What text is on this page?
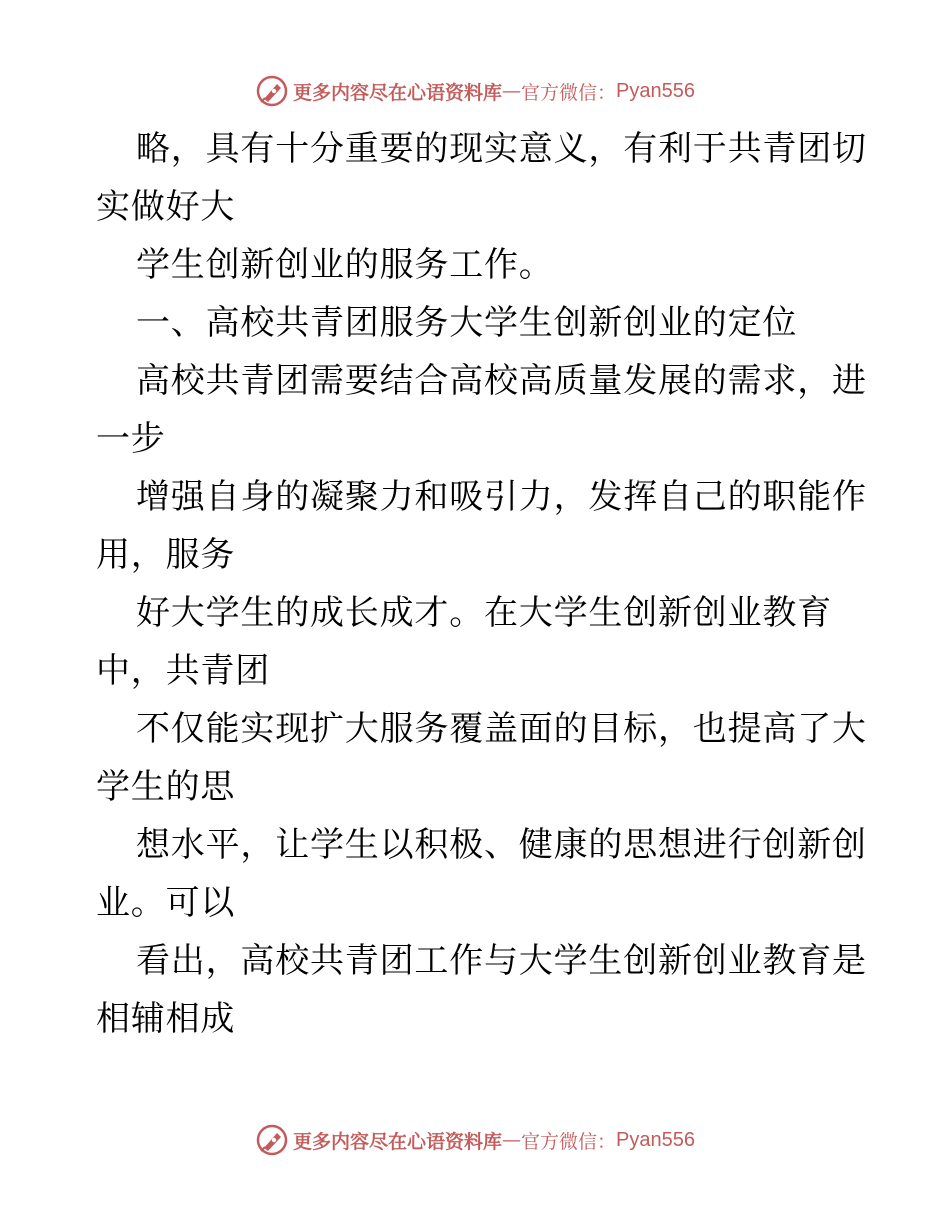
更多内容尽在心语资料库 — 官方微信： Pyan556
略，具有十分重要的现实意义，有利于共青团切
实做好大
学生创新创业的服务工作。
一、高校共青团服务大学生创新创业的定位
高校共青团需要结合高校高质量发展的需求，进
一步
增强自身的凝聚力和吸引力，发挥自己的职能作
用，服务
好大学生的成长成才。在大学生创新创业教育
中，共青团
不仅能实现扩大服务覆盖面的目标，也提高了大
学生的思
想水平，让学生以积极、健康的思想进行创新创
业。可以
看出，高校共青团工作与大学生创新创业教育是
相辅相成
更多内容尽在心语资料库 — 官方微信： Pyan556
